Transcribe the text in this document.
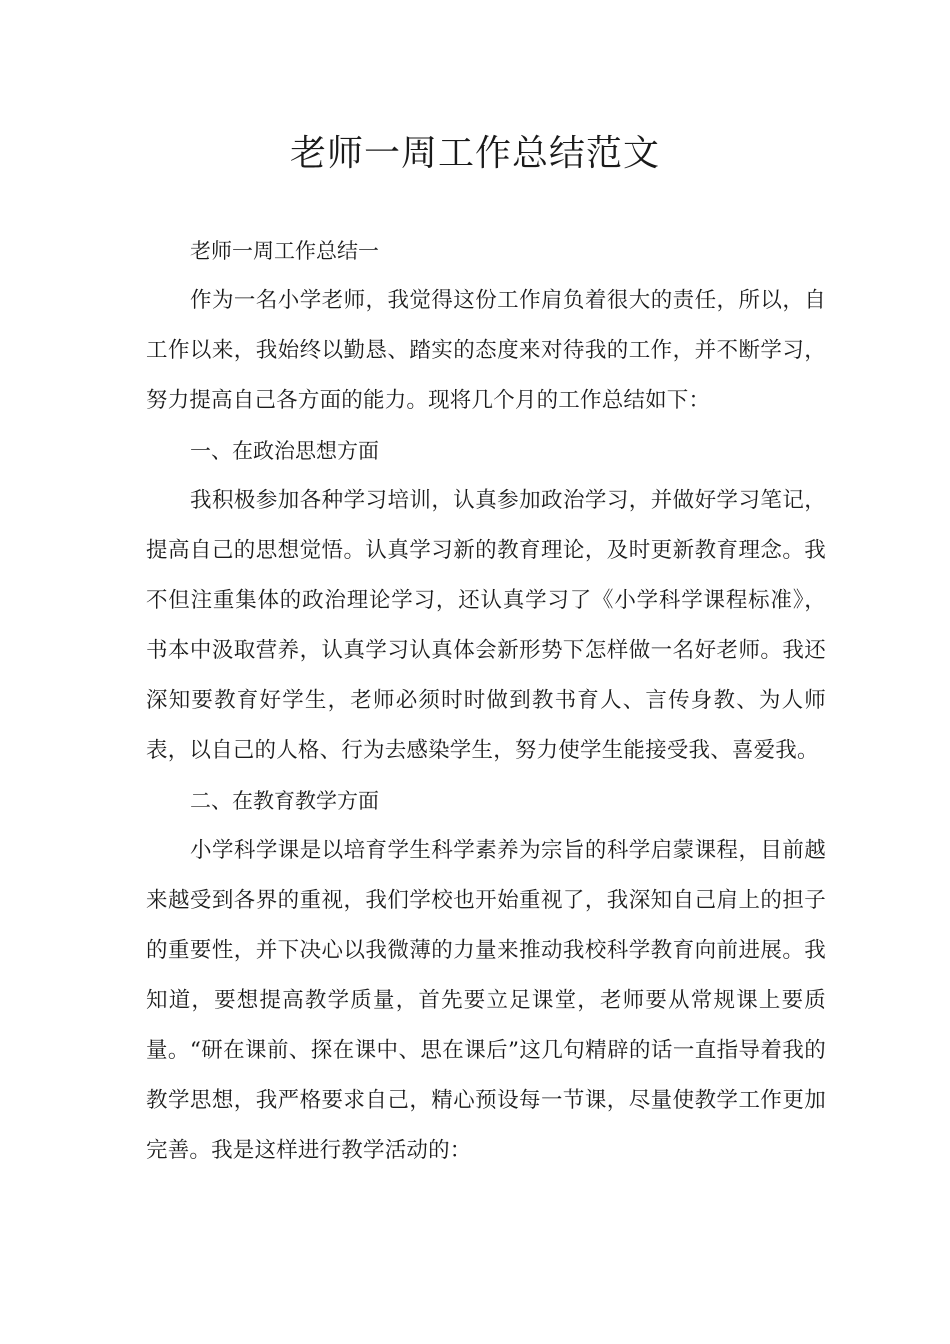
老师一周工作总结范文

老师一周工作总结一

作为一名小学老师，我觉得这份工作肩负着很大的责任，所以，自工作以来，我始终以勤恳、踏实的态度来对待我的工作，并不断学习，努力提高自己各方面的能力。现将几个月的工作总结如下：

一、在政治思想方面

我积极参加各种学习培训，认真参加政治学习，并做好学习笔记，提高自己的思想觉悟。认真学习新的教育理论，及时更新教育理念。我不但注重集体的政治理论学习，还认真学习了《小学科学课程标准》，书本中汲取营养，认真学习认真体会新形势下怎样做一名好老师。我还深知要教育好学生，老师必须时时做到教书育人、言传身教、为人师表，以自己的人格、行为去感染学生，努力使学生能接受我、喜爱我。

二、在教育教学方面

小学科学课是以培育学生科学素养为宗旨的科学启蒙课程，目前越来越受到各界的重视，我们学校也开始重视了，我深知自己肩上的担子的重要性，并下决心以我微薄的力量来推动我校科学教育向前进展。我知道，要想提高教学质量，首先要立足课堂，老师要从常规课上要质量。“研在课前、探在课中、思在课后”这几句精辟的话一直指导着我的教学思想，我严格要求自己，精心预设每一节课，尽量使教学工作更加完善。我是这样进行教学活动的：
